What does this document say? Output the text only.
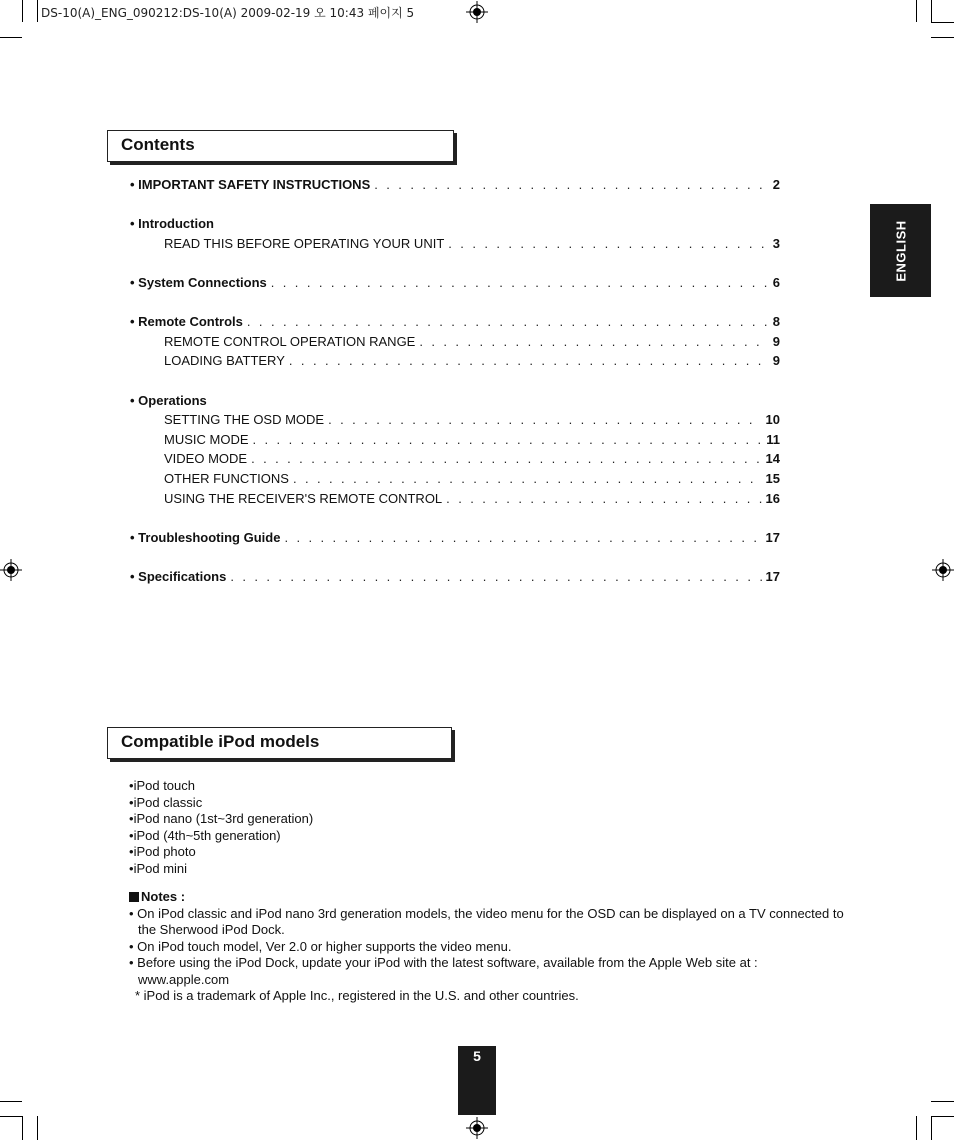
DS-10(A)_ENG_090212:DS-10(A) 2009-02-19 오 10:43 페이지 5
Contents
• IMPORTANT SAFETY INSTRUCTIONS . . .	2
• Introduction
READ THIS BEFORE OPERATING YOUR UNIT . . .	3
• System Connections . . .	6
• Remote Controls . . .	8
REMOTE CONTROL OPERATION RANGE . . .	9
LOADING BATTERY . . .	9
• Operations
SETTING THE OSD MODE . . .	10
MUSIC MODE . . .	11
VIDEO MODE . . .	14
OTHER FUNCTIONS . . .	15
USING THE RECEIVER'S REMOTE CONTROL . . .	16
• Troubleshooting Guide . . .	17
• Specifications . . .	17
ENGLISH
Compatible iPod models
• iPod touch
• iPod classic
• iPod nano (1st~3rd generation)
• iPod (4th~5th generation)
• iPod photo
• iPod mini
Notes :
• On iPod classic and iPod nano 3rd generation models, the video menu for the OSD can be displayed on a TV connected to the Sherwood iPod Dock.
• On iPod touch model, Ver 2.0 or higher supports the video menu.
• Before using the iPod Dock, update your iPod with the latest software, available from the Apple Web site at : www.apple.com
* iPod is a trademark of Apple Inc., registered in the U.S. and other countries.
5
